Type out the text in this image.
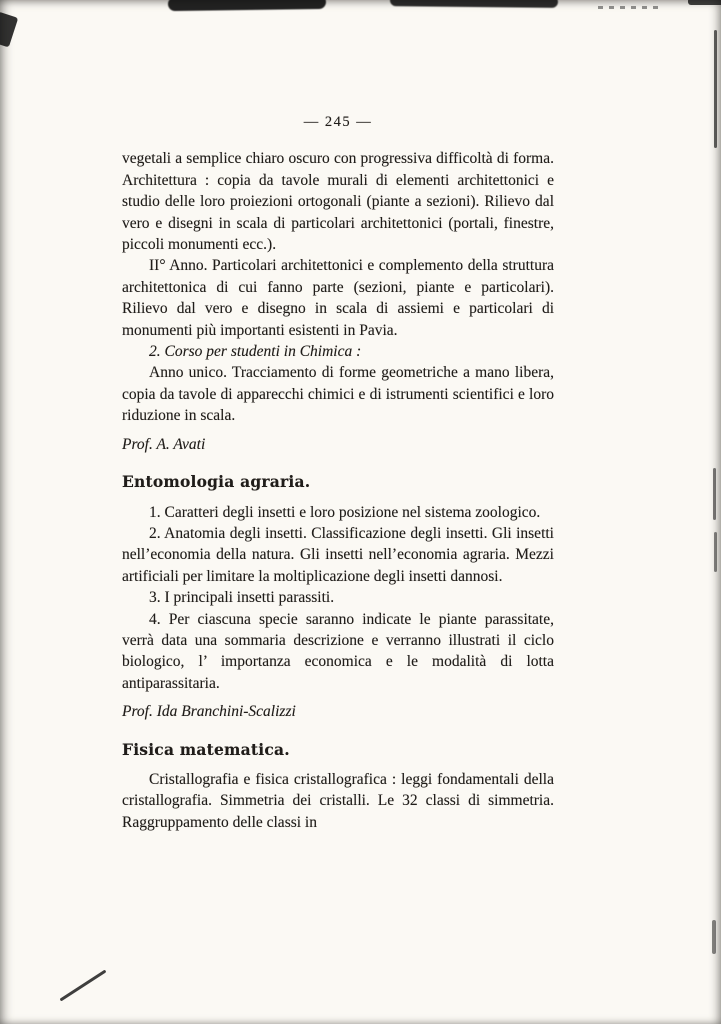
— 245 —

vegetali a semplice chiaro oscuro con progressiva difficoltà di forma. Architettura : copia da tavole murali di elementi architettonici e studio delle loro proiezioni ortogonali (piante a sezioni). Rilievo dal vero e disegni in scala di particolari architettonici (portali, finestre, piccoli monumenti ecc.).

II° Anno. Particolari architettonici e complemento della struttura architettonica di cui fanno parte (sezioni, piante e particolari). Rilievo dal vero e disegno in scala di assiemi e particolari di monumenti più importanti esistenti in Pavia.

2. Corso per studenti in Chimica :

Anno unico. Tracciamento di forme geometriche a mano libera, copia da tavole di apparecchi chimici e di istrumenti scientifici e loro riduzione in scala.

Prof. A. Avati

Entomologia agraria.

1. Caratteri degli insetti e loro posizione nel sistema zoologico.

2. Anatomia degli insetti. Classificazione degli insetti. Gli insetti nell’economia della natura. Gli insetti nell’economia agraria. Mezzi artificiali per limitare la moltiplicazione degli insetti dannosi.

3. I principali insetti parassiti.

4. Per ciascuna specie saranno indicate le piante parassitate, verrà data una sommaria descrizione e verranno illustrati il ciclo biologico, l’ importanza economica e le modalità di lotta antiparassitaria.

Prof. Ida Branchini-Scalizzi

Fisica matematica.

Cristallografia e fisica cristallografica : leggi fondamentali della cristallografia. Simmetria dei cristalli. Le 32 classi di simmetria. Raggruppamento delle classi in
